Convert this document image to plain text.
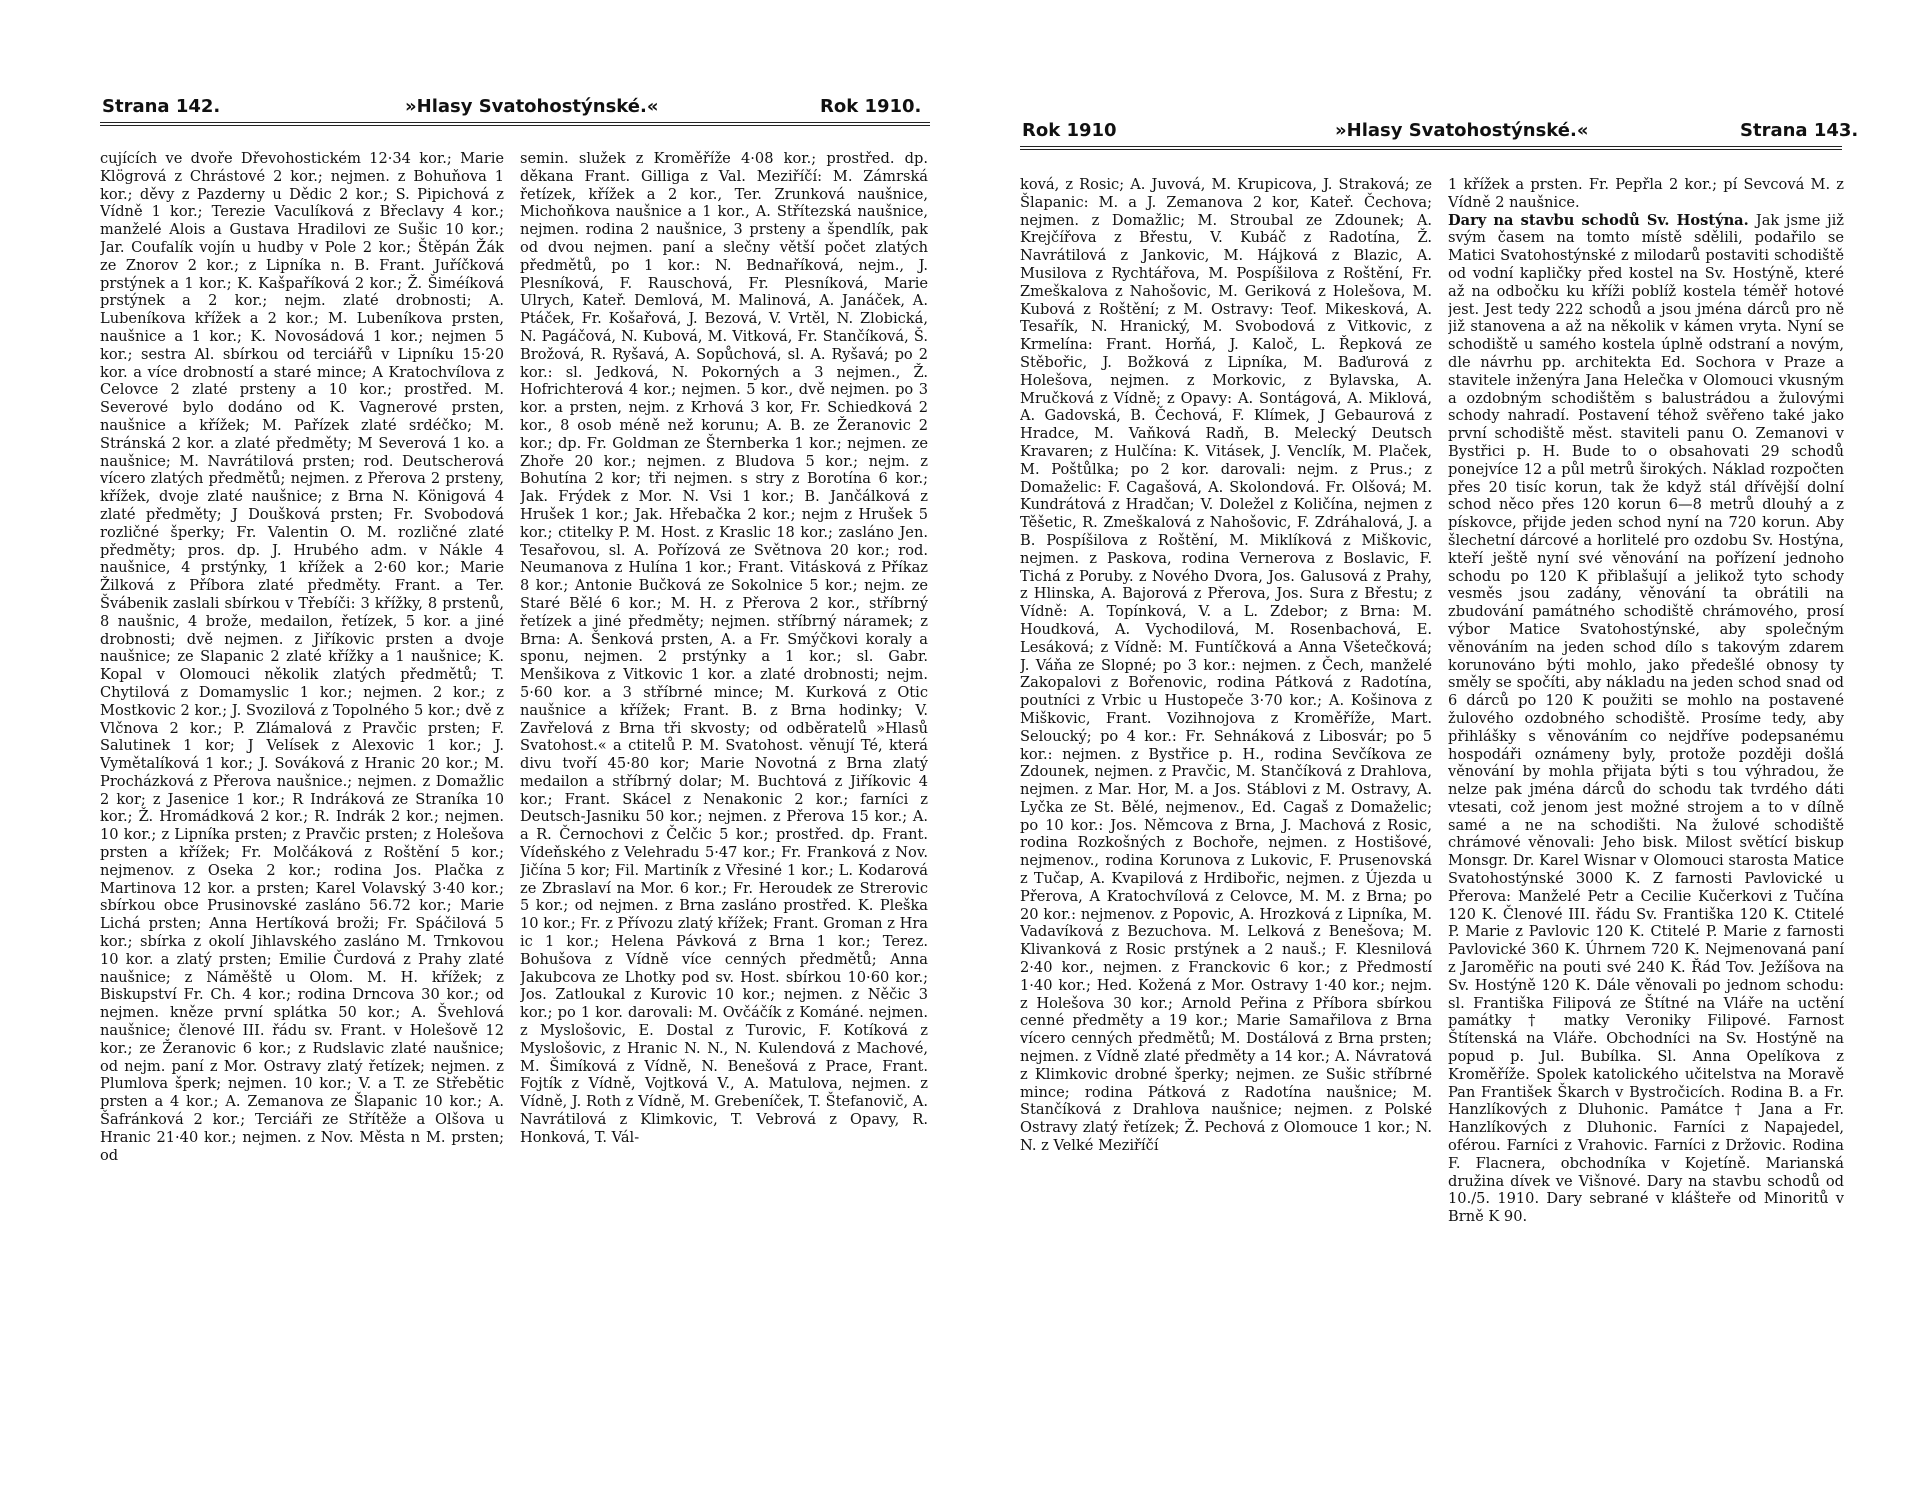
Strana 142.	»Hlasy Svatohostýnské.«	Rok 1910.

cujících ve dvoře Dřevohostickém 12·34 kor.; Marie Klögrová z Chrástové 2 kor.; nejmen. z Bohuňova 1 kor.; děvy z Pazderny u Dědic 2 kor.; S. Pipichová z Vídně 1 kor.; Terezie Vaculíková z Břeclavy 4 kor.; manželé Alois a Gustava Hradilovi ze Sušic 10 kor.; Jar. Coufalík vojín u hudby v Pole 2 kor.; Štěpán Žák ze Znorov 2 kor.; z Lipníka n. B. Frant. Juříčková prstýnek a 1 kor.; K. Kašpaříková 2 kor.; Ž. Šiméíková prstýnek a 2 kor.; nejm. zlaté drobnosti; A. Lubeníkova křížek a 2 kor.; M. Lubeníkova prsten, naušnice a 1 kor.; K. Novosádová 1 kor.; nejmen 5 kor.; sestra Al. sbírkou od terciářů v Lipníku 15·20 kor. a více drobností a staré mince; A Kratochvílova z Celovce 2 zlaté prsteny a 10 kor.; prostřed. M. Severové bylo dodáno od K. Vagnerové prsten, naušnice a křížek; M. Pařízek zlaté srdéčko; M. Stránská 2 kor. a zlaté předměty; M Severová 1 ko. a naušnice; M. Navrátilová prsten; rod. Deutscherová vícero zlatých předmětů; nejmen. z Přerova 2 prsteny, křížek, dvoje zlaté naušnice; z Brna N. Königová 4 zlaté předměty; J Doušková prsten; Fr. Svobodová rozličné šperky; Fr. Valentin O. M. rozličné zlaté předměty; pros. dp. J. Hrubého adm. v Nákle 4 naušnice, 4 prstýnky, 1 křížek a 2·60 kor.; Marie Žilková z Příbora zlaté předměty. Frant. a Ter. Švábenik zaslali sbírkou v Třebíči: 3 křížky, 8 prstenů, 8 naušnic, 4 brože, medailon, řetízek, 5 kor. a jiné drobnosti; dvě nejmen. z Jiříkovic prsten a dvoje naušnice; ze Slapanic 2 zlaté křížky a 1 naušnice; K. Kopal v Olomouci několik zlatých předmětů; T. Chytilová z Domamyslic 1 kor.; nejmen. 2 kor.; z Mostkovic 2 kor.; J. Svozilová z Topolného 5 kor.; dvě z Vlčnova 2 kor.; P. Zlámalová z Pravčic prsten; F. Salutinek 1 kor; J Velísek z Alexovic 1 kor.; J. Vymětalíková 1 kor.; J. Sováková z Hranic 20 kor.; M. Procházková z Přerova naušnice.; nejmen. z Domažlic 2 kor; z Jasenice 1 kor.; R Indráková ze Straníka 10 kor.; Ž. Hromádková 2 kor.; R. Indrák 2 kor.; nejmen. 10 kor.; z Lipníka prsten; z Pravčic prsten; z Holešova prsten a křížek; Fr. Molčáková z Roštění 5 kor.; nejmenov. z Oseka 2 kor.; rodina Jos. Plačka z Martinova 12 kor. a prsten; Karel Volavský 3·40 kor.; sbírkou obce Prusinovské zasláno 56.72 kor.; Marie Lichá prsten; Anna Hertíková broži; Fr. Spáčilová 5 kor.; sbírka z okolí Jihlavského zasláno M. Trnkovou 10 kor. a zlatý prsten; Emilie Čurdová z Prahy zlaté naušnice; z Náměště u Olom. M. H. křížek; z Biskupství Fr. Ch. 4 kor.; rodina Drncova 30 kor.; od nejmen. kněze první splátka 50 kor.; A. Švehlová naušnice; členové III. řádu sv. Frant. v Holešově 12 kor.; ze Žeranovic 6 kor.; z Rudslavic zlaté naušnice; od nejm. paní z Mor. Ostravy zlatý řetízek; nejmen. z Plumlova šperk; nejmen. 10 kor.; V. a T. ze Střebětic prsten a 4 kor.; A. Zemanova ze Šlapanic 10 kor.; A. Šafránková 2 kor.; Terciáři ze Střítěže a Olšova u Hranic 21·40 kor.; nejmen. z Nov. Města n M. prsten; od

semin. služek z Kroměříže 4·08 kor.; prostřed. dp. děkana Frant. Gilliga z Val. Meziříčí: M. Zámrská řetízek, křížek a 2 kor., Ter. Zrunková naušnice, Michoňkova naušnice a 1 kor., A. Střítezská naušnice, nejmen. rodina 2 naušnice, 3 prsteny a špendlík, pak od dvou nejmen. paní a slečny větší počet zlatých předmětů, po 1 kor.: N. Bednaříková, nejm., J. Plesníková, F. Rauschová, Fr. Plesníková, Marie Ulrych, Kateř. Demlová, M. Malinová, A. Janáček, A. Ptáček, Fr. Košařová, J. Bezová, V. Vrtěl, N. Zlobická, N. Pagáčová, N. Kubová, M. Vitková, Fr. Stančíková, Š. Brožová, R. Ryšavá, A. Sopůchová, sl. A. Ryšavá; po 2 kor.: sl. Jedková, N. Pokorných a 3 nejmen., Ž. Hofrichterová 4 kor.; nejmen. 5 kor., dvě nejmen. po 3 kor. a prsten, nejm. z Krhová 3 kor, Fr. Schiedková 2 kor., 8 osob méně než korunu; A. B. ze Žeranovic 2 kor.; dp. Fr. Goldman ze Šternberka 1 kor.; nejmen. ze Zhoře 20 kor.; nejmen. z Bludova 5 kor.; nejm. z Bohutína 2 kor; tři nejmen. s stry z Borotína 6 kor.; Jak. Frýdek z Mor. N. Vsi 1 kor.; B. Jančálková z Hrušek 1 kor.; Jak. Hřebačka 2 kor.; nejm z Hrušek 5 kor.; ctitelky P. M. Host. z Kraslic 18 kor.; zasláno Jen. Tesařovou, sl. A. Pořízová ze Světnova 20 kor.; rod. Neumanova z Hulína 1 kor.; Frant. Vitásková z Příkaz 8 kor.; Antonie Bučková ze Sokolnice 5 kor.; nejm. ze Staré Bělé 6 kor.; M. H. z Přerova 2 kor., stříbrný řetízek a jiné předměty; nejmen. stříbrný náramek; z Brna: A. Šenková prsten, A. a Fr. Smýčkovi koraly a sponu, nejmen. 2 prstýnky a 1 kor.; sl. Gabr. Menšikova z Vitkovic 1 kor. a zlaté drobnosti; nejm. 5·60 kor. a 3 stříbrné mince; M. Kurková z Otic naušnice a křížek; Frant. B. z Brna hodinky; V. Zavřelová z Brna tři skvosty; od odběratelů »Hlasů Svatohost.« a ctitelů P. M. Svatohost. věnují Té, která divu tvoří 45·80 kor; Marie Novotná z Brna zlatý medailon a stříbrný dolar; M. Buchtová z Jiříkovic 4 kor.; Frant. Skácel z Nenakonic 2 kor.; farníci z Deutsch-Jasniku 50 kor.; nejmen. z Přerova 15 kor.; A. a R. Černochovi z Čelčic 5 kor.; prostřed. dp. Frant. Vídeňského z Velehradu 5·47 kor.; Fr. Franková z Nov. Jičína 5 kor; Fil. Martiník z Vřesiné 1 kor.; L. Kodarová ze Zbraslaví na Mor. 6 kor.; Fr. Heroudek ze Strerovic 5 kor.; od nejmen. z Brna zasláno prostřed. K. Pleška 10 kor.; Fr. z Přívozu zlatý křížek; Frant. Groman z Hra ic 1 kor.; Helena Pávková z Brna 1 kor.; Terez. Bohušova z Vídně více cenných předmětů; Anna Jakubcova ze Lhotky pod sv. Host. sbírkou 10·60 kor.; Jos. Zatloukal z Kurovic 10 kor.; nejmen. z Něčic 3 kor.; po 1 kor. darovali: M. Ovčáčík z Kománé. nejmen. z Myslošovic, E. Dostal z Turovic, F. Kotíková z Myslošovic, z Hranic N. N., N. Kulendová z Machové, M. Šimíková z Vídně, N. Benešová z Prace, Frant. Fojtík z Vídně, Vojtková V., A. Matulova, nejmen. z Vídně, J. Roth z Vídně, M. Grebeníček, T. Štefanovič, A. Navrátilová z Klimkovic, T. Vebrová z Opavy, R. Honková, T. Vál-

Rok 1910	»Hlasy Svatohostýnské.«	Strana 143.

ková, z Rosic; A. Juvová, M. Krupicova, J. Straková; ze Šlapanic: M. a J. Zemanova 2 kor, Kateř. Čechova; nejmen. z Domažlic; M. Stroubal ze Zdounek; A. Krejčířova z Břestu, V. Kubáč z Radotína, Ž. Navrátilová z Jankovic, M. Hájková z Blazic, A. Musilova z Rychtářova, M. Pospíšilova z Roštění, Fr. Zmeškalova z Nahošovic, M. Geriková z Holešova, M. Kubová z Roštění; z M. Ostravy: Teof. Mikesková, A. Tesařík, N. Hranický, M. Svobodová z Vitkovic, z Krmelína: Frant. Horňá, J. Kaloč, L. Řepková ze Stěbořic, J. Božková z Lipníka, M. Baďurová z Holešova, nejmen. z Morkovic, z Bylavska, A. Mručková z Vídně; z Opavy: A. Sontágová, A. Miklová, A. Gadovská, B. Čechová, F. Klímek, J Gebaurová z Hradce, M. Vaňková Radň, B. Melecký Deutsch Kravaren; z Hulčína: K. Vitásek, J. Venclík, M. Plaček, M. Poštůlka; po 2 kor. darovali: nejm. z Prus.; z Domaželic: F. Cagašová, A. Skolondová. Fr. Olšová; M. Kundrátová z Hradčan; V. Doležel z Količína, nejmen z Těšetic, R. Zmeškalová z Nahošovic, F. Zdráhalová, J. a B. Pospíšilova z Roštění, M. Miklíková z Miškovic, nejmen. z Paskova, rodina Vernerova z Boslavic, F. Tichá z Poruby. z Nového Dvora, Jos. Galusová z Prahy, z Hlinska, A. Bajorová z Přerova, Jos. Sura z Břestu; z Vídně: A. Topínková, V. a L. Zdebor; z Brna: M. Houdková, A. Vychodilová, M. Rosenbachová, E. Lesáková; z Vídně: M. Funtíčková a Anna Všetečková; J. Váňa ze Slopné; po 3 kor.: nejmen. z Čech, manželé Zakopalovi z Bořenovic, rodina Pátková z Radotína, poutníci z Vrbic u Hustopeče 3·70 kor.; A. Košinova z Miškovic, Frant. Vozihnojova z Kroměříže, Mart. Seloucký; po 4 kor.: Fr. Sehnáková z Libosvár; po 5 kor.: nejmen. z Bystřice p. H., rodina Sevčíkova ze Zdounek, nejmen. z Pravčic, M. Stančíková z Drahlova, nejmen. z Mar. Hor, M. a Jos. Stáblovi z M. Ostravy, A. Lyčka ze St. Bělé, nejmenov., Ed. Cagaš z Domaželic; po 10 kor.: Jos. Němcova z Brna, J. Machová z Rosic, rodina Rozkošných z Bochoře, nejmen. z Hostišové, nejmenov., rodina Korunova z Lukovic, F. Prusenovská z Tučap, A. Kvapilová z Hrdibořic, nejmen. z Újezda u Přerova, A Kratochvílová z Celovce, M. M. z Brna; po 20 kor.: nejmenov. z Popovic, A. Hrozková z Lipníka, M. Vadavíková z Bezuchova. M. Lelková z Benešova; M. Klivanková z Rosic prstýnek a 2 nauš.; F. Klesnilová 2·40 kor., nejmen. z Franckovic 6 kor.; z Předmostí 1·40 kor.; Hed. Kožená z Mor. Ostravy 1·40 kor.; nejm. z Holešova 30 kor.; Arnold Peřina z Příbora sbírkou cenné předměty a 19 kor.; Marie Samařilova z Brna vícero cenných předmětů; M. Dostálová z Brna prsten; nejmen. z Vídně zlaté předměty a 14 kor.; A. Návratová z Klimkovic drobné šperky; nejmen. ze Sušic stříbrné mince; rodina Pátková z Radotína naušnice; M. Stančíková z Drahlova naušnice; nejmen. z Polské Ostravy zlatý řetízek; Ž. Pechová z Olomouce 1 kor.; N. N. z Velké Meziříčí

1 křížek a prsten. Fr. Pepřla 2 kor.; pí Sevcová M. z Vídně 2 naušnice.

Dary na stavbu schodů Sv. Hostýna. Jak jsme již svým časem na tomto místě sdělili, podařilo se Matici Svatohostýnské z milodarů postaviti schodiště od vodní kapličky před kostel na Sv. Hostýně, které až na odbočku ku kříži poblíž kostela téměř hotové jest. Jest tedy 222 schodů a jsou jména dárců pro ně již stanovena a až na několik v kámen vryta. Nyní se schodiště u samého kostela úplně odstraní a novým, dle návrhu pp. architekta Ed. Sochora v Praze a stavitele inženýra Jana Helečka v Olomouci vkusným a ozdobným schodištěm s balustrádou a žulovými schody nahradí. Postavení téhož svěřeno také jako první schodiště měst. staviteli panu O. Zemanovi v Bystřici p. H. Bude to o obsahovati 29 schodů ponejvíce 12 a půl metrů širokých. Náklad rozpočten přes 20 tisíc korun, tak že když stál dřívější dolní schod něco přes 120 korun 6—8 metrů dlouhý a z pískovce, přijde jeden schod nyní na 720 korun. Aby šlechetní dárcové a horlitelé pro ozdobu Sv. Hostýna, kteří ještě nyní své věnování na pořízení jednoho schodu po 120 K přiblašují a jelikož tyto schody vesměs jsou zadány, věnování ta obrátili na zbudování památného schodiště chrámového, prosí výbor Matice Svatohostýnské, aby společným věnováním na jeden schod dílo s takovým zdarem korunováno býti mohlo, jako předešlé obnosy ty směly se spočíti, aby nákladu na jeden schod snad od 6 dárců po 120 K použiti se mohlo na postavené žulového ozdobného schodiště. Prosíme tedy, aby přihlášky s věnováním co nejdříve podepsanému hospodáři oznámeny byly, protože později došlá věnování by mohla přijata býti s tou výhradou, že nelze pak jména dárců do schodu tak tvrdého dáti vtesati, což jenom jest možné strojem a to v dílně samé a ne na schodišti. Na žulové schodiště chrámové věnovali: Jeho bisk. Milost světící biskup Monsgr. Dr. Karel Wisnar v Olomouci starosta Matice Svatohostýnské 3000 K. Z farnosti Pavlovické u Přerova: Manželé Petr a Cecilie Kučerkovi z Tučína 120 K. Členové III. řádu Sv. Františka 120 K. Ctitelé P. Marie z Pavlovic 120 K. Ctitelé P. Marie z farnosti Pavlovické 360 K. Úhrnem 720 K. Nejmenovaná paní z Jaroměřic na pouti své 240 K. Řád Tov. Ježíšova na Sv. Hostýně 120 K. Dále věnovali po jednom schodu: sl. Františka Filipová ze Štítné na Vláře na uctění památky † matky Veroniky Filipové. Farnost Štítenská na Vláře. Obchodníci na Sv. Hostýně na popud p. Jul. Bubílka. Sl. Anna Opelíkova z Kroměříže. Spolek katolického učitelstva na Moravě Pan František Škarch v Bystročicích. Rodina B. a Fr. Hanzlíkových z Dluhonic. Památce † Jana a Fr. Hanzlíkových z Dluhonic. Farníci z Napajedel, oférou. Farníci z Vrahovic. Farníci z Držovic. Rodina F. Flacnera, obchodníka v Kojetíně. Marianská družina dívek ve Višnové. Dary na stavbu schodů od 10./5. 1910. Dary sebrané v klášteře od Minoritů v Brně K 90.
